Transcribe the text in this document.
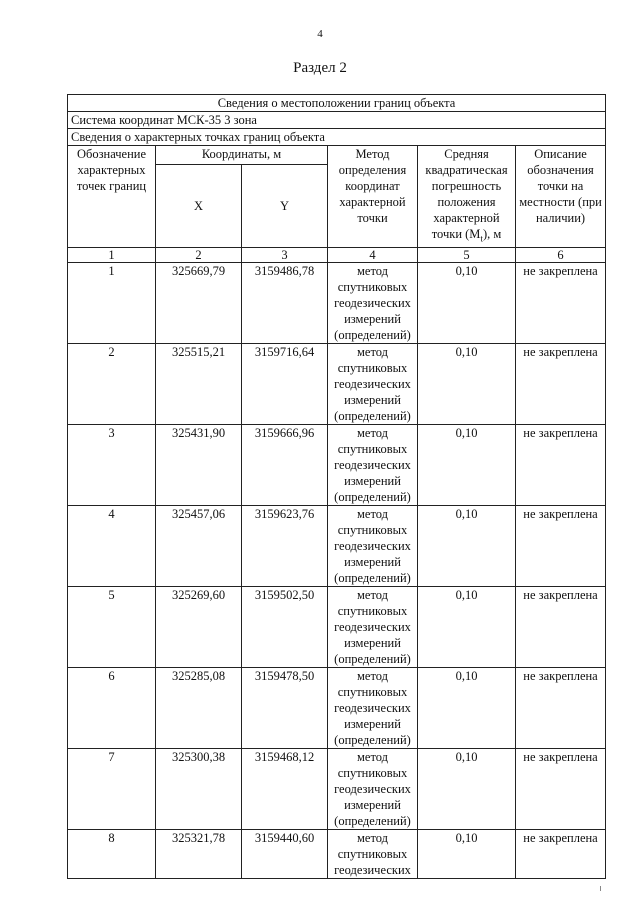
4
Раздел 2
Сведения о местоположении границ объекта					
Система координат МСК-35 3 зона					
Сведения о характерных точках границ объекта					
Обозначение характерных точек границ	Координаты, м		Метод определения координат характерной точки	Средняя квадратическая погрешность положения характерной точки $(M_t)$, м	Описание обозначения точки на местности (при наличии)
	X	Y			
1	2	3	4	5	6
1	325669,79	3159486,78	метод спутниковых геодезических измерений (определений)	0,10	не закреплена
2	325515,21	3159716,64	метод спутниковых геодезических измерений (определений)	0,10	не закреплена
3	325431,90	3159666,96	метод спутниковых геодезических измерений (определений)	0,10	не закреплена
4	325457,06	3159623,76	метод спутниковых геодезических измерений (определений)	0,10	не закреплена
5	325269,60	3159502,50	метод спутниковых геодезических измерений (определений)	0,10	не закреплена
6	325285,08	3159478,50	метод спутниковых геодезических измерений (определений)	0,10	не закреплена
7	325300,38	3159468,12	метод спутниковых геодезических измерений (определений)	0,10	не закреплена
8	325321,78	3159440,60	метод спутниковых геодезических	0,10	не закреплена
